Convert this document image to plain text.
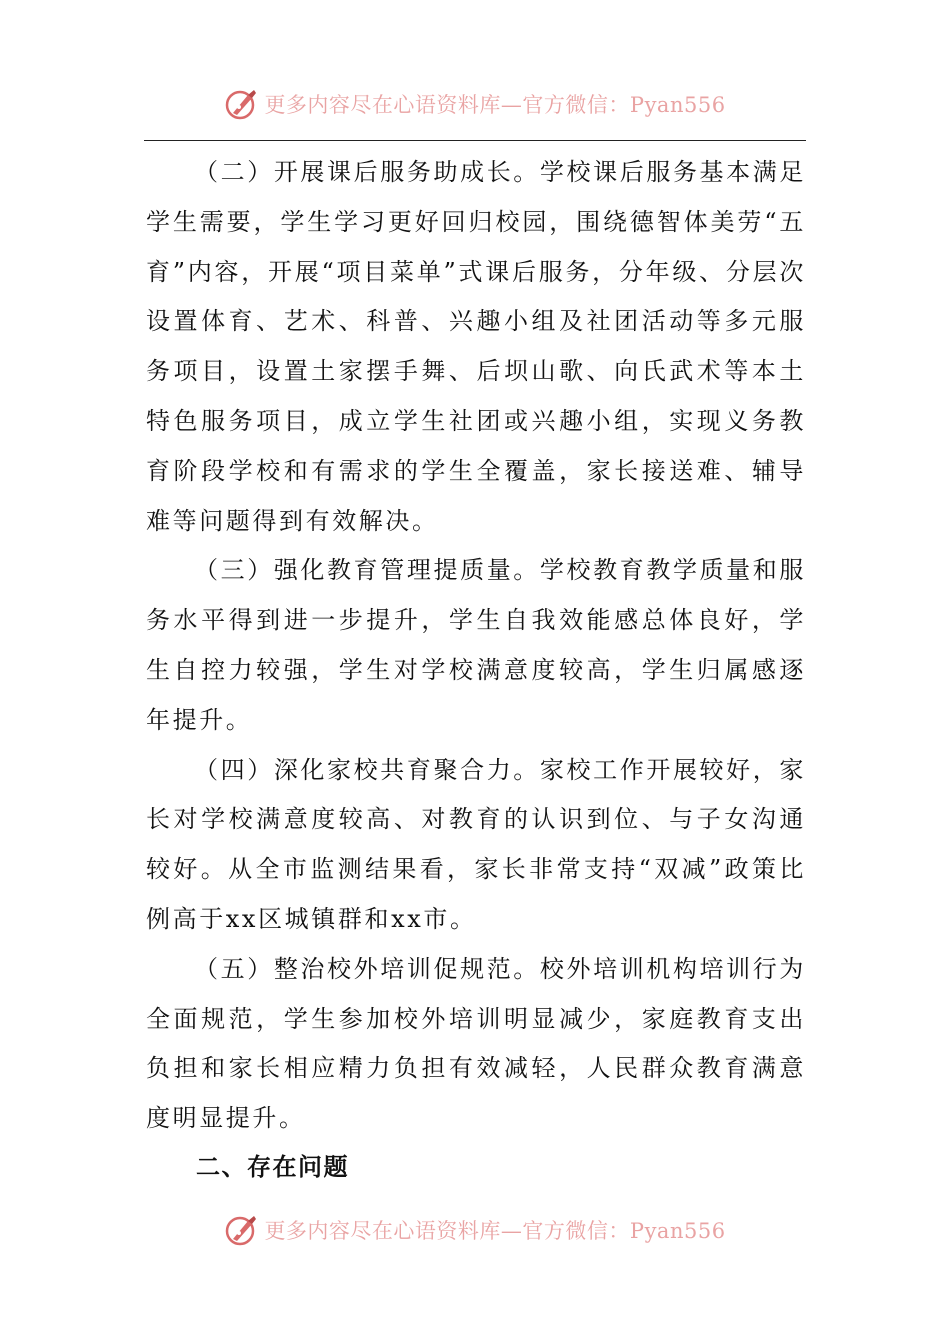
更多内容尽在心语资料库—官方微信：Pyan556

（二）开展课后服务助成长。学校课后服务基本满足学生需要，学生学习更好回归校园，围绕德智体美劳“五育”内容，开展“项目菜单”式课后服务，分年级、分层次设置体育、艺术、科普、兴趣小组及社团活动等多元服务项目，设置土家摆手舞、后坝山歌、向氏武术等本土特色服务项目，成立学生社团或兴趣小组，实现义务教育阶段学校和有需求的学生全覆盖，家长接送难、辅导难等问题得到有效解决。

（三）强化教育管理提质量。学校教育教学质量和服务水平得到进一步提升，学生自我效能感总体良好，学生自控力较强，学生对学校满意度较高，学生归属感逐年提升。

（四）深化家校共育聚合力。家校工作开展较好，家长对学校满意度较高、对教育的认识到位、与子女沟通较好。从全市监测结果看，家长非常支持“双减”政策比例高于xx区城镇群和xx市。

（五）整治校外培训促规范。校外培训机构培训行为全面规范，学生参加校外培训明显减少，家庭教育支出负担和家长相应精力负担有效减轻，人民群众教育满意度明显提升。

二、存在问题
更多内容尽在心语资料库—官方微信：Pyan556
